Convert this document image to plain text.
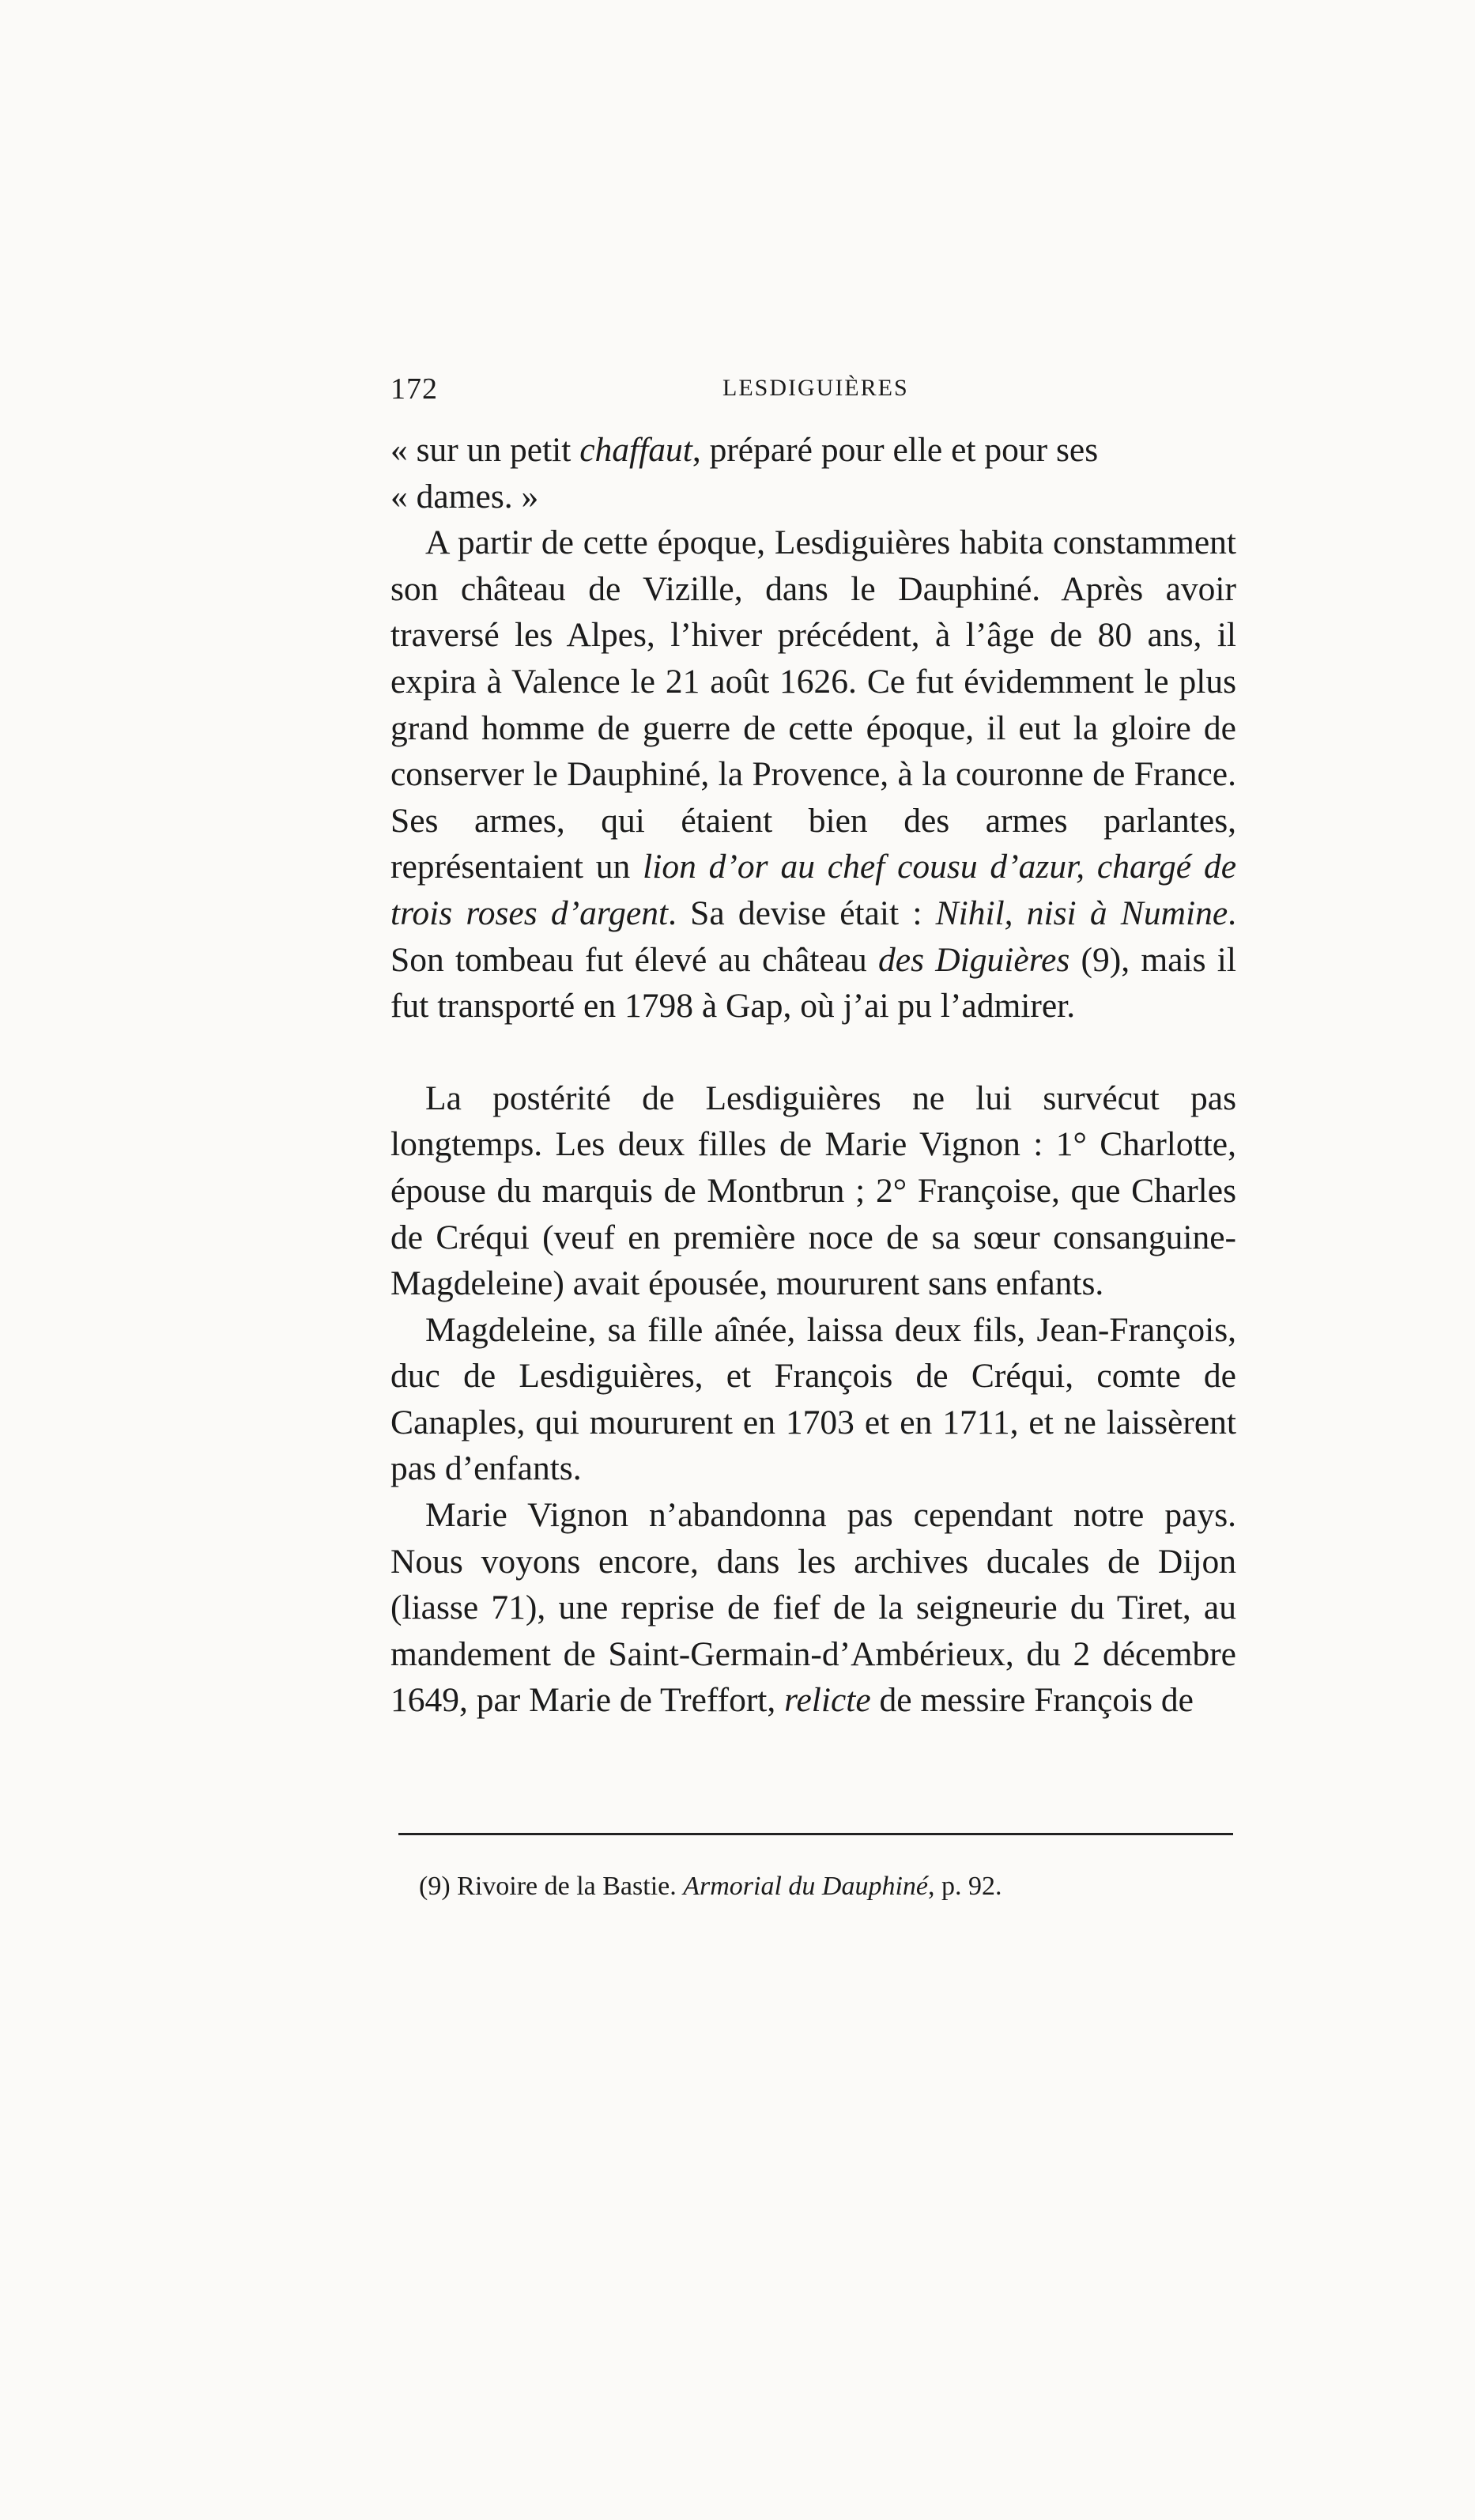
172	LESDIGUIÈRES

« sur un petit chaffaut, préparé pour elle et pour ses
« dames. »

A partir de cette époque, Lesdiguières habita constamment son château de Vizille, dans le Dauphiné. Après avoir traversé les Alpes, l’hiver précédent, à l’âge de 80 ans, il expira à Valence le 21 août 1626. Ce fut évidemment le plus grand homme de guerre de cette époque, il eut la gloire de conserver le Dauphiné, la Provence, à la couronne de France. Ses armes, qui étaient bien des armes parlantes, représentaient un lion d’or au chef cousu d’azur, chargé de trois roses d’argent. Sa devise était : Nihil, nisi à Numine. Son tombeau fut élevé au château des Diguières (9), mais il fut transporté en 1798 à Gap, où j’ai pu l’admirer.

La postérité de Lesdiguières ne lui survécut pas longtemps. Les deux filles de Marie Vignon : 1° Charlotte, épouse du marquis de Montbrun ; 2° Françoise, que Charles de Créqui (veuf en première noce de sa sœur consanguine-Magdeleine) avait épousée, moururent sans enfants.

Magdeleine, sa fille aînée, laissa deux fils, Jean-François, duc de Lesdiguières, et François de Créqui, comte de Canaples, qui moururent en 1703 et en 1711, et ne laissèrent pas d’enfants.

Marie Vignon n’abandonna pas cependant notre pays. Nous voyons encore, dans les archives ducales de Dijon (liasse 71), une reprise de fief de la seigneurie du Tiret, au mandement de Saint-Germain-d’Ambérieux, du 2 décembre 1649, par Marie de Treffort, relicte de messire François de

(9) Rivoire de la Bastie. Armorial du Dauphiné, p. 92.
